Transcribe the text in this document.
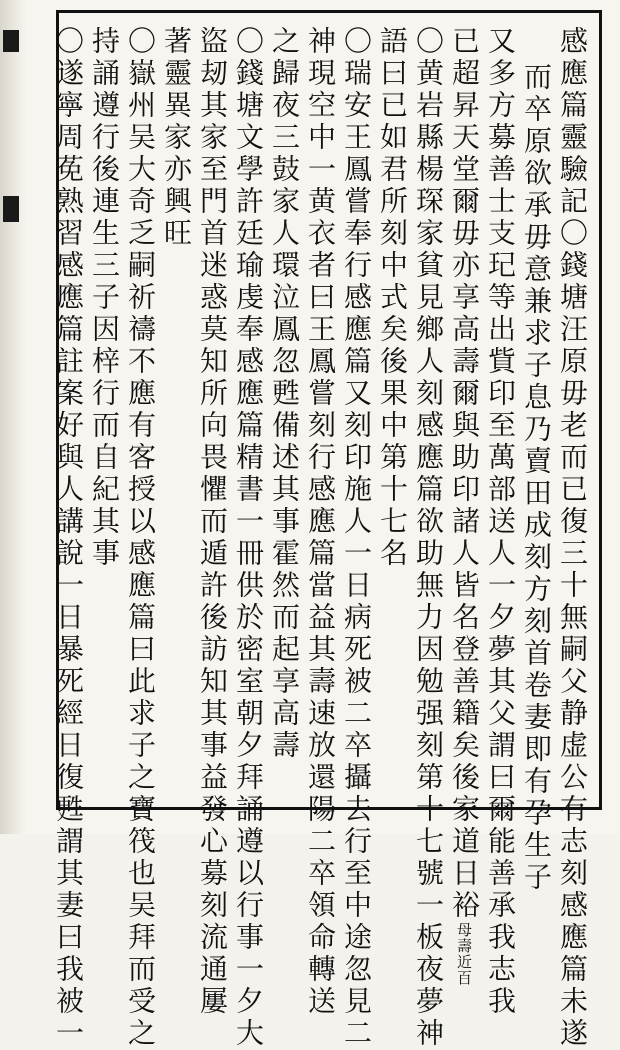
感應篇靈驗記〇錢塘汪原毋老而已復三十無嗣父静虚公有志刻感應篇未遂
而卒原欲承毋意兼求子息乃賣田成刻方刻首卷妻即有孕生子
又多方募善士支玘等出貲印至萬部送人一夕夢其父謂曰爾能善承我志我
已超昇天堂爾毋亦享高壽爾與助印諸人皆名登善籍矣後家道日裕母壽近百
〇黄岩縣楊琛家貧見鄉人刻感應篇欲助無力因勉强刻第十七號一板夜夢神
語曰已如君所刻中式矣後果中第十七名
〇瑞安王鳳嘗奉行感應篇又刻印施人一日病死被二卒攝去行至中途忽見二
神現空中一黄衣者曰王鳳嘗刻行感應篇當益其壽速放還陽二卒領命轉送
之歸夜三鼓家人環泣鳳忽甦備述其事霍然而起享高壽
〇錢塘文學許廷瑜虔奉感應篇精書一冊供於密室朝夕拜誦遵以行事一夕大
盜刼其家至門首迷惑莫知所向畏懼而遁許後訪知其事益發心募刻流通屢
著靈異家亦興旺
〇嶽州吴大奇乏嗣祈禱不應有客授以感應篇曰此求子之寶筏也吴拜而受之
持誦遵行後連生三子因梓行而自紀其事
〇遂寧周莬熟習感應篇註案好與人講說一日暴死經日復甦謂其妻曰我被一
